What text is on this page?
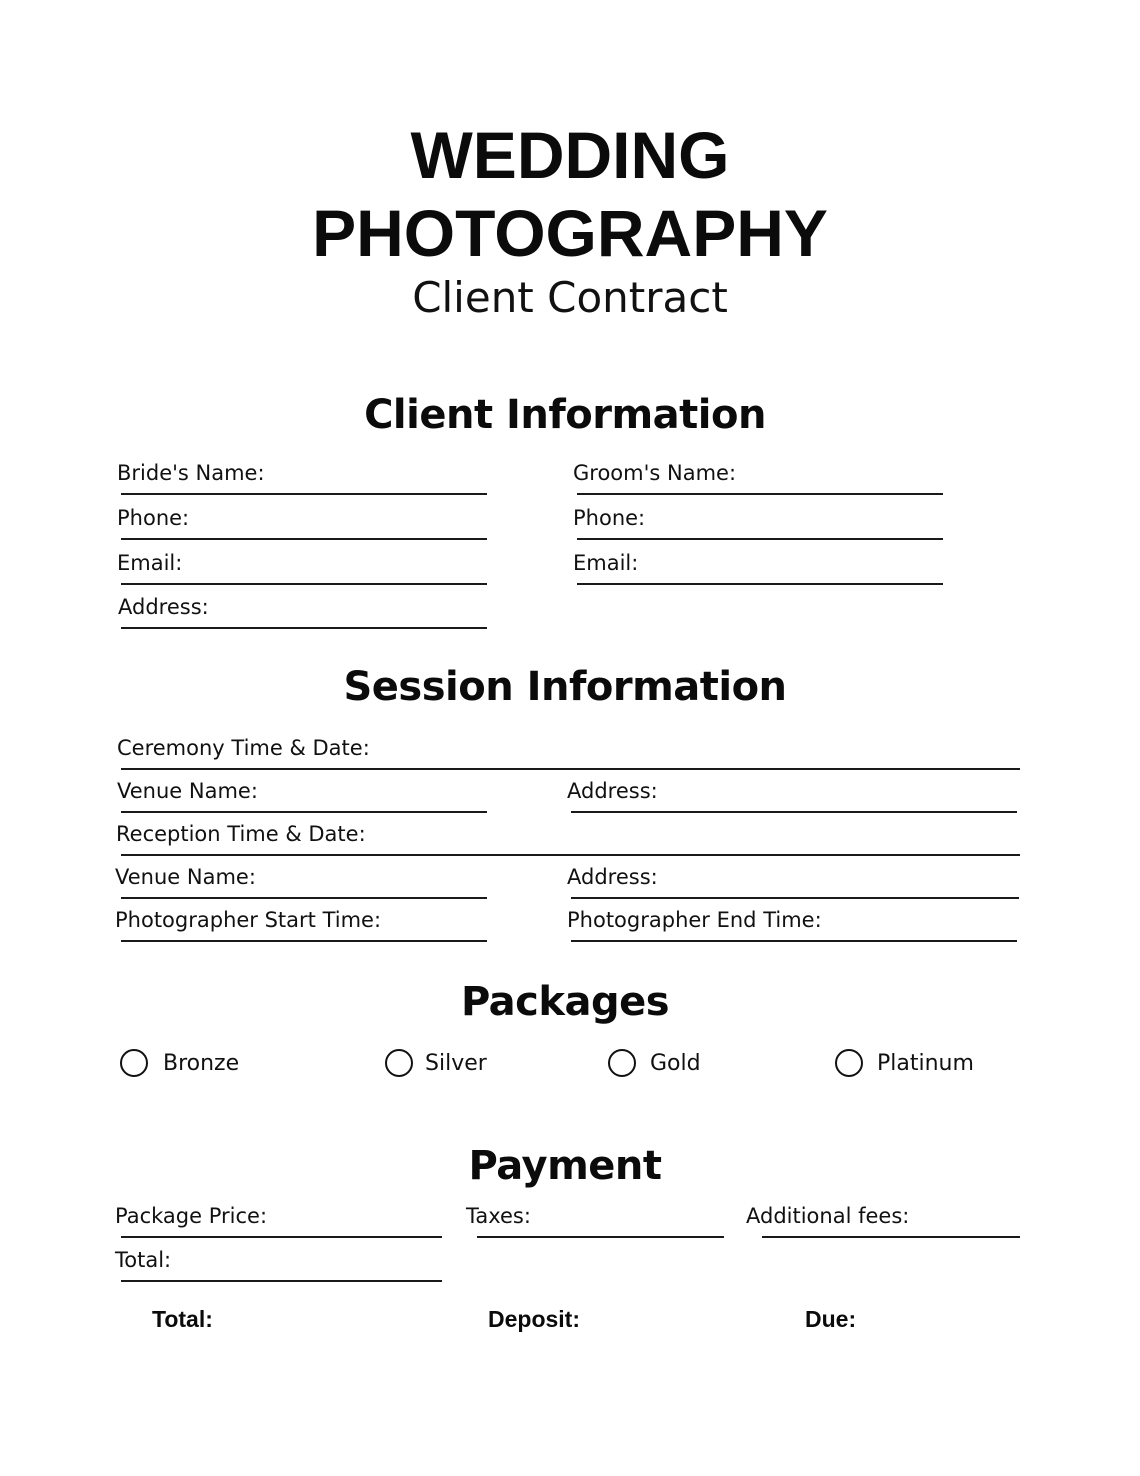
WEDDING
PHOTOGRAPHY
Client Contract
Client Information
Bride's Name:	Groom's Name:
Phone:	Phone:
Email:	Email:
Address:
Session Information
Ceremony Time & Date:
Venue Name:	Address:
Reception Time & Date:
Venue Name:	Address:
Photographer Start Time:	Photographer End Time:
Packages
Bronze	Silver	Gold	Platinum
Payment
Package Price:	Taxes:	Additional fees:
Total:
Total:	Deposit:	Due:
